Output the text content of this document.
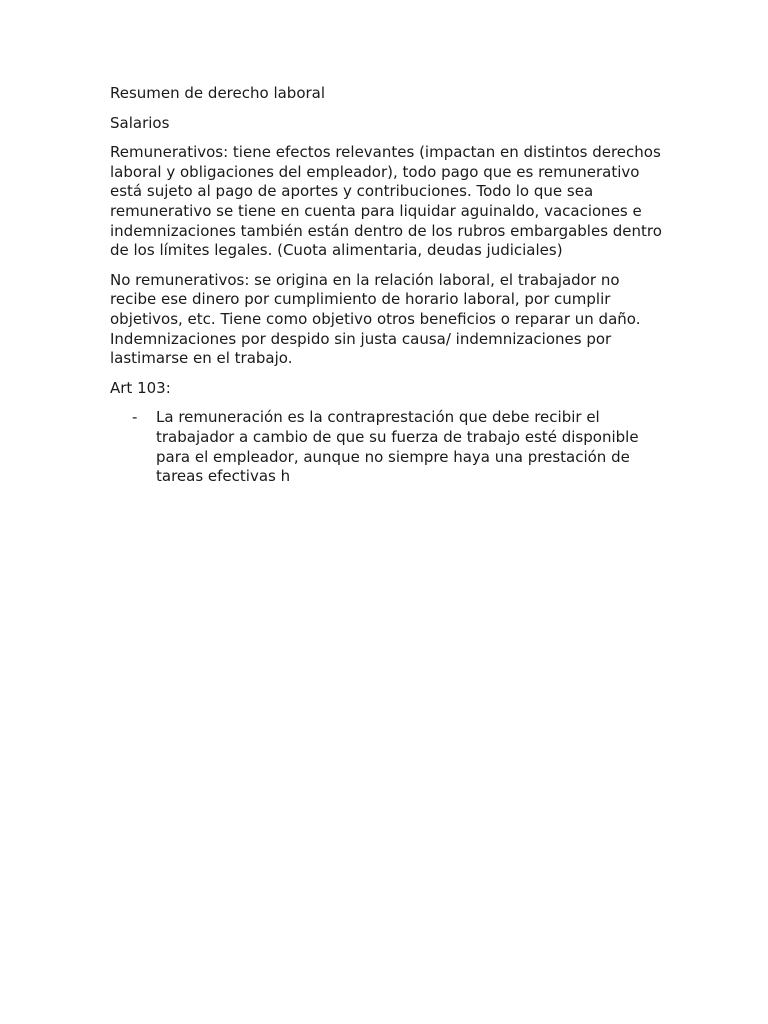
Resumen de derecho laboral

Salarios

Remunerativos: tiene efectos relevantes (impactan en distintos derechos laboral y obligaciones del empleador), todo pago que es remunerativo está sujeto al pago de aportes y contribuciones. Todo lo que sea remunerativo se tiene en cuenta para liquidar aguinaldo, vacaciones e indemnizaciones también están dentro de los rubros embargables dentro de los límites legales. (Cuota alimentaria, deudas judiciales)

No remunerativos: se origina en la relación laboral, el trabajador no recibe ese dinero por cumplimiento de horario laboral, por cumplir objetivos, etc. Tiene como objetivo otros beneficios o reparar un daño. Indemnizaciones por despido sin justa causa/ indemnizaciones por lastimarse en el trabajo.

Art 103:

- La remuneración es la contraprestación que debe recibir el trabajador a cambio de que su fuerza de trabajo esté disponible para el empleador, aunque no siempre haya una prestación de tareas efectivas h
